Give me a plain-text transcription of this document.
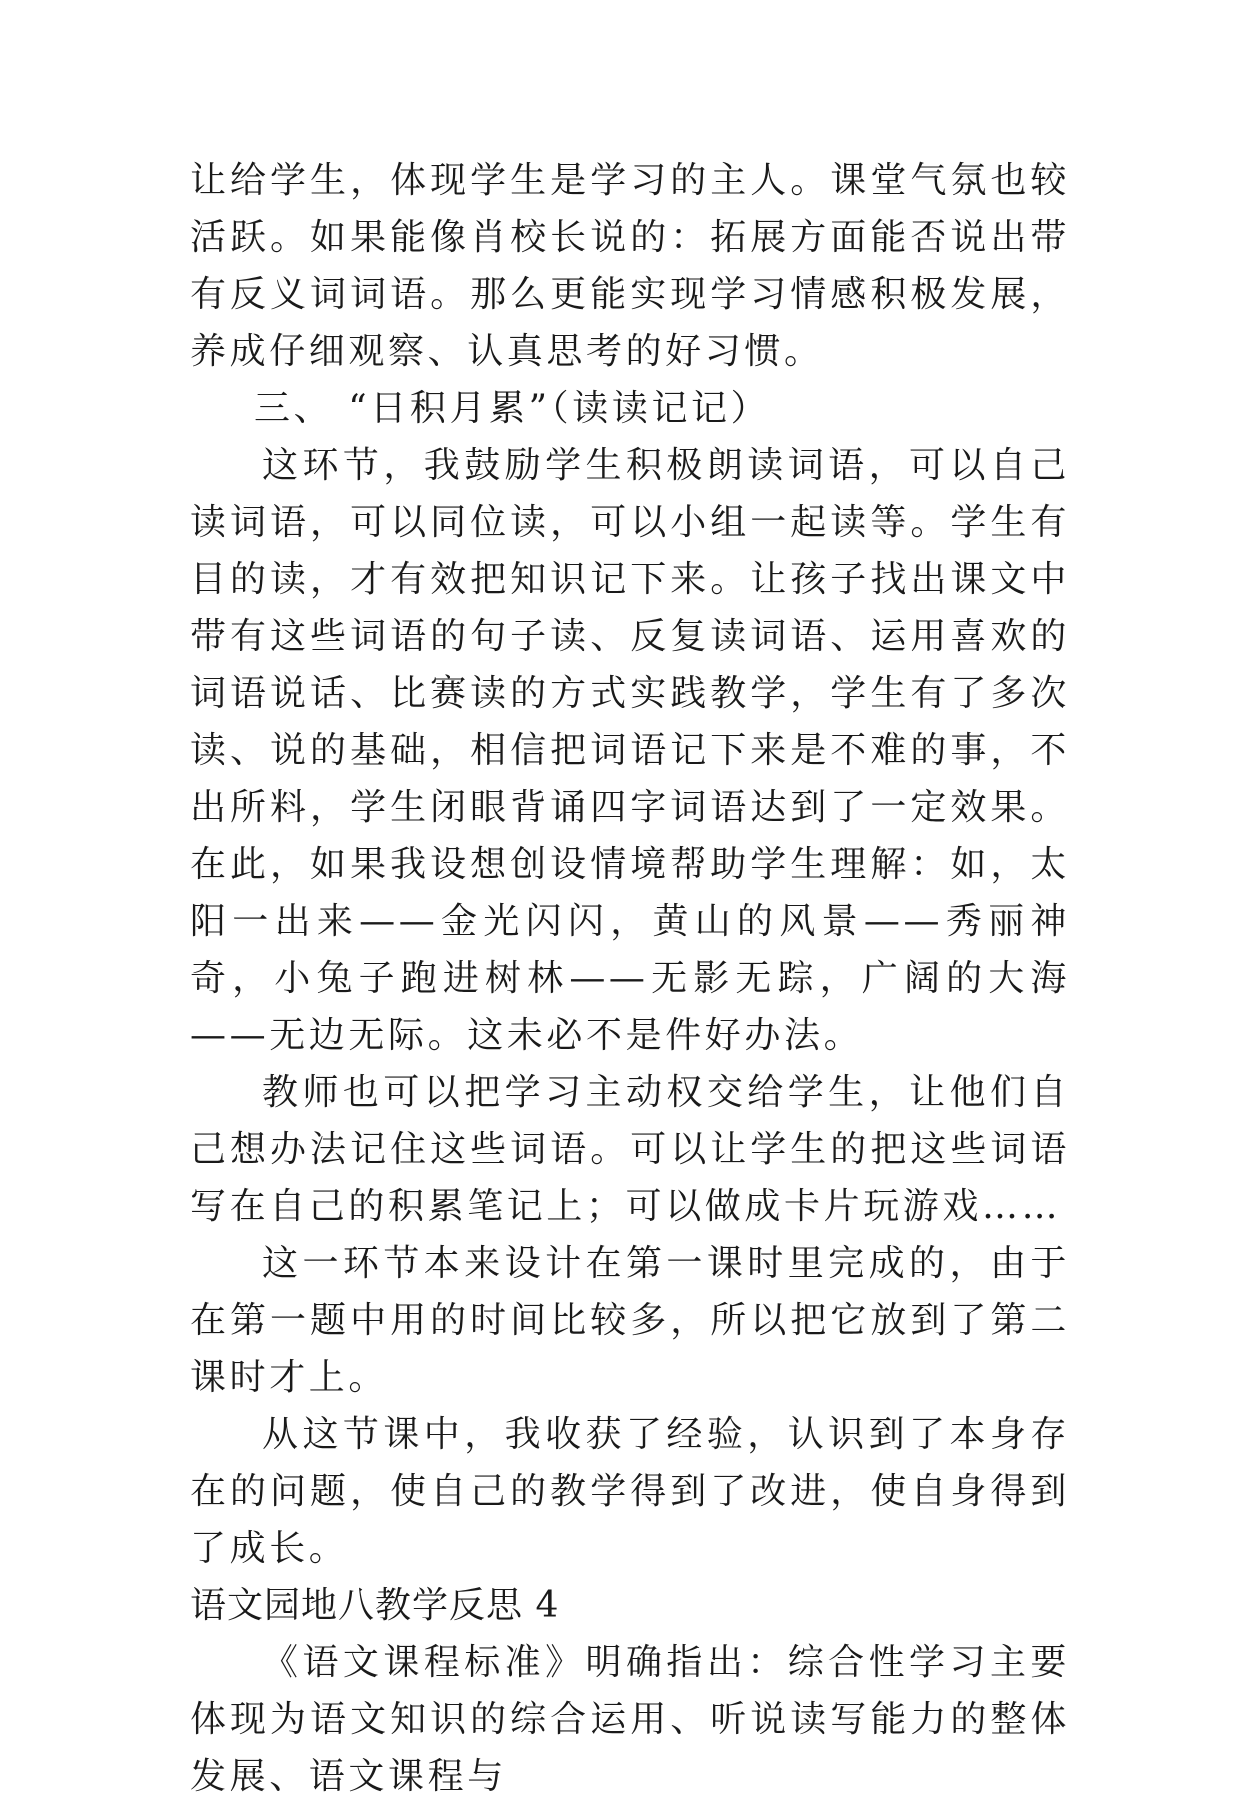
让给学生，体现学生是学习的主人。课堂气氛也较活跃。如果能像肖校长说的：拓展方面能否说出带有反义词词语。那么更能实现学习情感积极发展，养成仔细观察、认真思考的好习惯。

三、 “日积月累”（读读记记）

这环节，我鼓励学生积极朗读词语，可以自己读词语，可以同位读，可以小组一起读等。学生有目的读，才有效把知识记下来。让孩子找出课文中带有这些词语的句子读、反复读词语、运用喜欢的词语说话、比赛读的方式实践教学，学生有了多次读、说的基础，相信把词语记下来是不难的事，不出所料，学生闭眼背诵四字词语达到了一定效果。在此，如果我设想创设情境帮助学生理解：如，太阳一出来——金光闪闪，黄山的风景——秀丽神奇，小兔子跑进树林——无影无踪，广阔的大海——无边无际。这未必不是件好办法。

教师也可以把学习主动权交给学生，让他们自己想办法记住这些词语。可以让学生的把这些词语写在自己的积累笔记上；可以做成卡片玩游戏……

这一环节本来设计在第一课时里完成的，由于在第一题中用的时间比较多，所以把它放到了第二课时才上。

从这节课中，我收获了经验，认识到了本身存在的问题，使自己的教学得到了改进，使自身得到了成长。

语文园地八教学反思 4

《语文课程标准》明确指出：综合性学习主要体现为语文知识的综合运用、听说读写能力的整体发展、语文课程与
